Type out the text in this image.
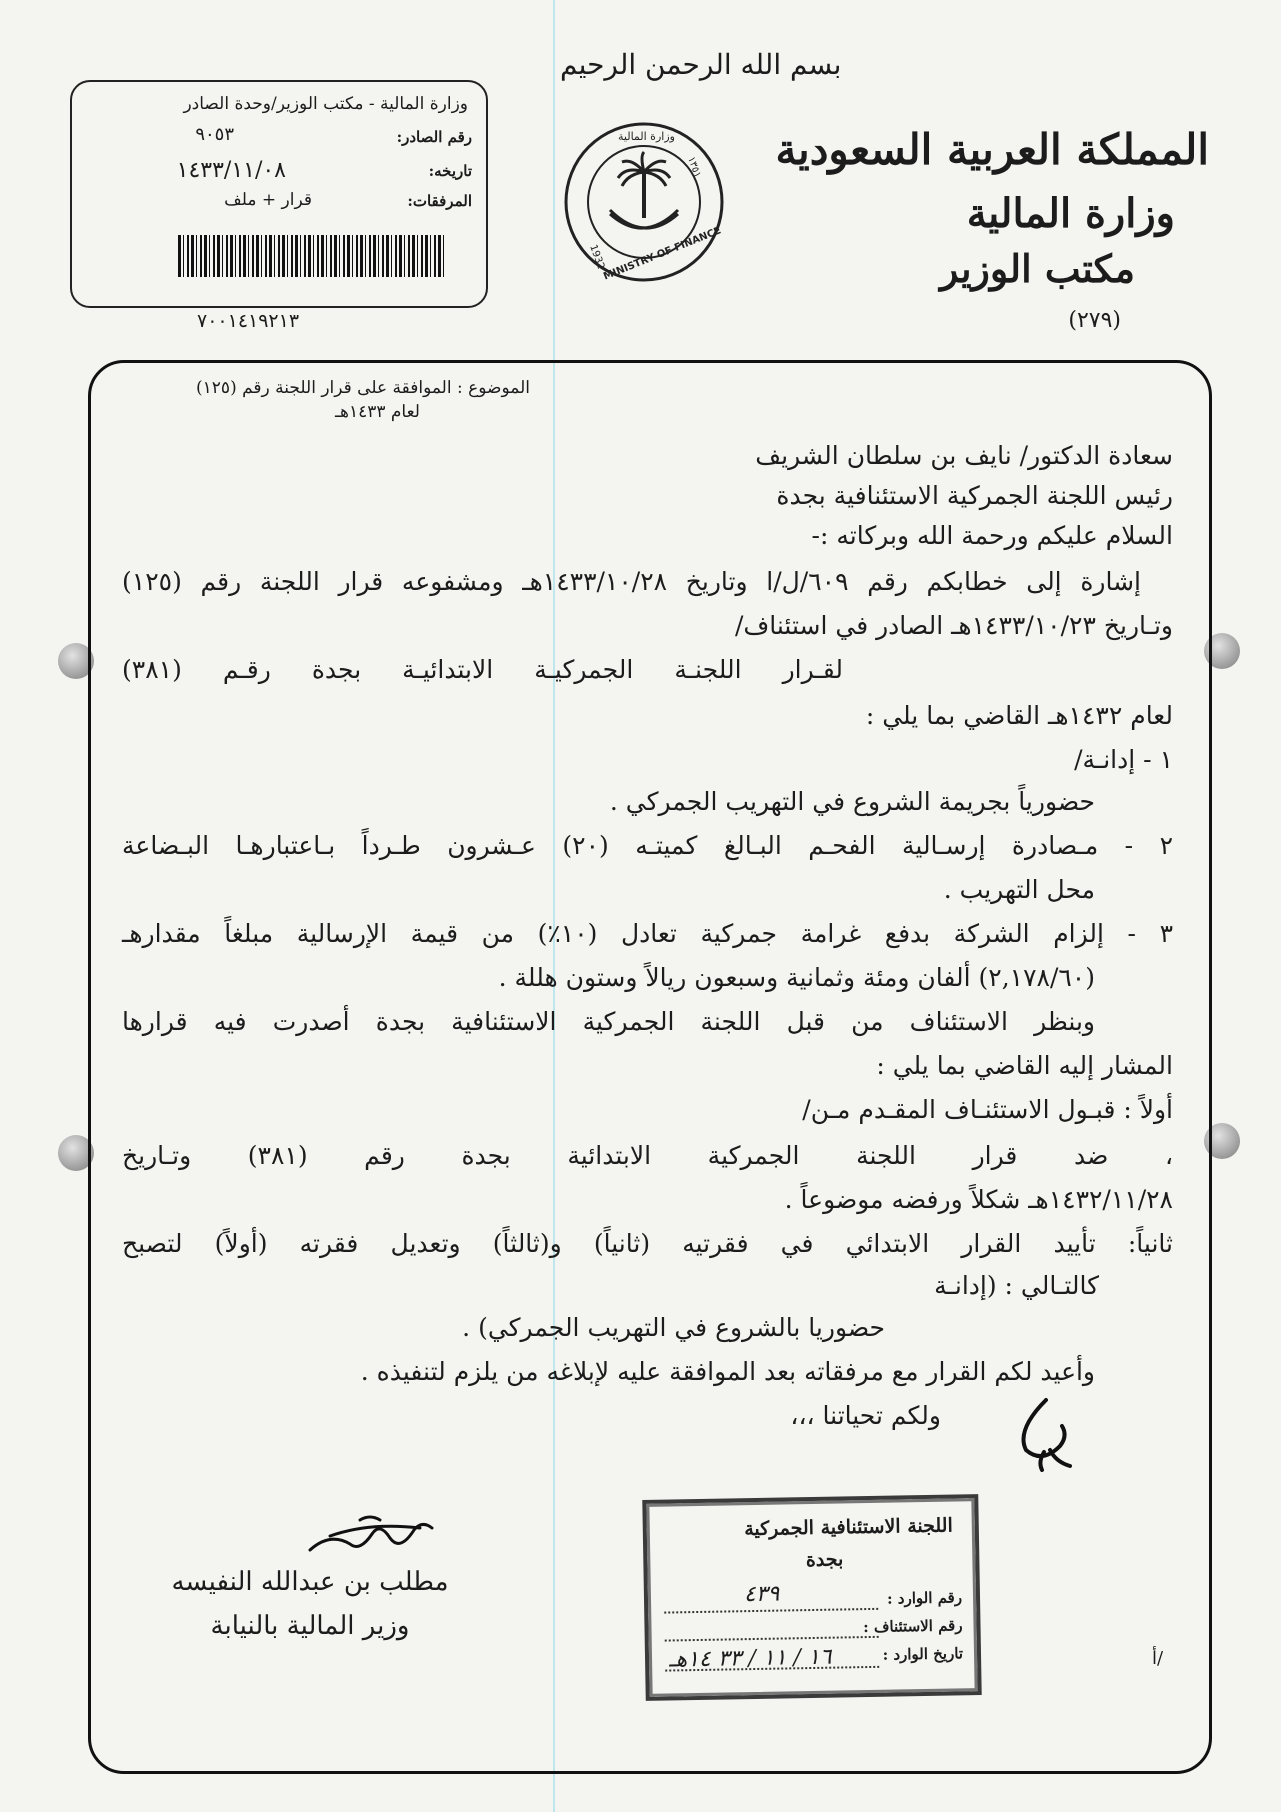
وزارة المالية - مكتب الوزير/وحدة الصادر
رقم الصادر:
٩٠٥٣
تاريخه:
١٤٣٣/١١/٠٨
المرفقات:
قرار + ملف
٧٠٠١٤١٩٢١٣
بسم الله الرحمن الرحيم
1932
١٣٥١
MINISTRY OF FINANCE
وزارة المالية المملكة العربية السعودية
وزارة المالية
مكتب الوزير
(٢٧٩)
الموضوع : الموافقة على قرار اللجنة رقم (١٢٥)
لعام ١٤٣٣هـ
سعادة الدكتور/ نايف بن سلطان الشريف
رئيس اللجنة الجمركية الاستئنافية بجدة
السلام عليكم ورحمة الله وبركاته :-
إشارة إلى خطابكم رقم ٦٠٩/ل/ا وتاريخ ١٤٣٣/١٠/٢٨هـ ومشفوعه قرار اللجنة رقم (١٢٥)
وتـاريخ ١٤٣٣/١٠/٢٣هـ الصادر في استئناف/
لقـرار اللجنـة الجمركيـة الابتدائيـة بجدة رقـم (٣٨١)
لعام ١٤٣٢هـ القاضي بما يلي :
١ - إدانـة/
حضورياً بجريمة الشروع في التهريب الجمركي .
٢ - مـصادرة إرسـالية الفحـم البـالغ كميتـه (٢٠) عـشرون طـرداً بـاعتبارهـا البـضاعة
محل التهريب .
٣ - إلزام الشركة بدفع غرامة جمركية تعادل (١٠٪) من قيمة الإرسالية مبلغاً مقدارهـ
(٢,١٧٨/٦٠) ألفان ومئة وثمانية وسبعون ريالاً وستون هللة .
وبنظر الاستئناف من قبل اللجنة الجمركية الاستئنافية بجدة أصدرت فيه قرارها
المشار إليه القاضي بما يلي :
أولاً : قبـول الاستئنـاف المقـدم مـن/
، ضد قرار اللجنة الجمركية الابتدائية بجدة رقم (٣٨١) وتـاريخ
١٤٣٢/١١/٢٨هـ شكلاً ورفضه موضوعاً .
ثانياً: تأييد القرار الابتدائي في فقرتيه (ثانياً) و(ثالثاً) وتعديل فقرته (أولاً) لتصبح
كالتـالي : (إدانـة
حضوريا بالشروع في التهريب الجمركي) .
وأعيد لكم القرار مع مرفقاته بعد الموافقة عليه لإبلاغه من يلزم لتنفيذه .
ولكم تحياتنا ،،،
مطلب بن عبدالله النفيسه
وزير المالية بالنيابة
اللجنة الاستئنافية الجمركية
بجدة
رقم الوارد :
٤٣٩
رقم الاستئناف :
تاريخ الوارد :
١٦ / ١١ / ٣٣ ١٤هـ	أ/
